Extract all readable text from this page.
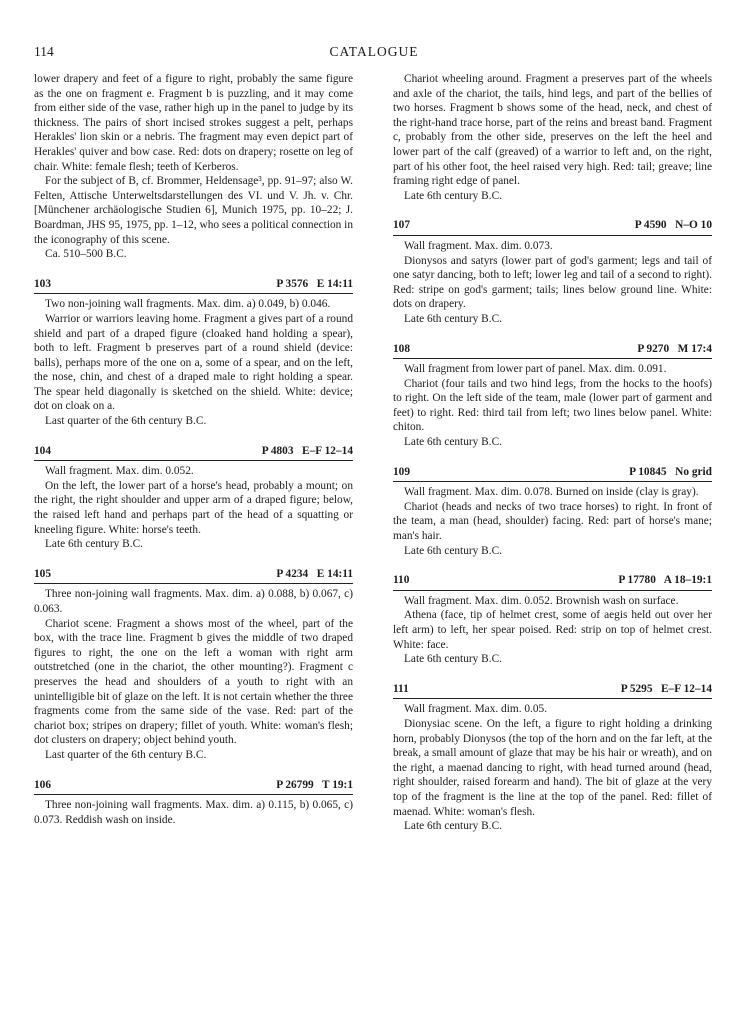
114	CATALOGUE

lower drapery and feet of a figure to right, probably the same figure as the one on fragment e. Fragment b is puzzling, and it may come from either side of the vase, rather high up in the panel to judge by its thickness. The pairs of short incised strokes suggest a pelt, perhaps Herakles' lion skin or a nebris. The fragment may even depict part of Herakles' quiver and bow case. Red: dots on drapery; rosette on leg of chair. White: female flesh; teeth of Kerberos.

For the subject of B, cf. Brommer, Heldensage³, pp. 91–97; also W. Felten, Attische Unterweltsdarstellungen des VI. und V. Jh. v. Chr. [Münchener archäologische Studien 6], Munich 1975, pp. 10–22; J. Boardman, JHS 95, 1975, pp. 1–12, who sees a political connection in the iconography of this scene.

Ca. 510–500 B.C.

103	P 3576 E 14:11

Two non-joining wall fragments. Max. dim. a) 0.049, b) 0.046.

Warrior or warriors leaving home. Fragment a gives part of a round shield and part of a draped figure (cloaked hand holding a spear), both to left. Fragment b preserves part of a round shield (device: balls), perhaps more of the one on a, some of a spear, and on the left, the nose, chin, and chest of a draped male to right holding a spear. The spear held diagonally is sketched on the shield. White: device; dot on cloak on a.

Last quarter of the 6th century B.C.

104	P 4803 E–F 12–14

Wall fragment. Max. dim. 0.052.

On the left, the lower part of a horse's head, probably a mount; on the right, the right shoulder and upper arm of a draped figure; below, the raised left hand and perhaps part of the head of a squatting or kneeling figure. White: horse's teeth.

Late 6th century B.C.

105	P 4234 E 14:11

Three non-joining wall fragments. Max. dim. a) 0.088, b) 0.067, c) 0.063.

Chariot scene. Fragment a shows most of the wheel, part of the box, with the trace line. Fragment b gives the middle of two draped figures to right, the one on the left a woman with right arm outstretched (one in the chariot, the other mounting?). Fragment c preserves the head and shoulders of a youth to right with an unintelligible bit of glaze on the left. It is not certain whether the three fragments come from the same side of the vase. Red: part of the chariot box; stripes on drapery; fillet of youth. White: woman's flesh; dot clusters on drapery; object behind youth.

Last quarter of the 6th century B.C.

106	P 26799 T 19:1

Three non-joining wall fragments. Max. dim. a) 0.115, b) 0.065, c) 0.073. Reddish wash on inside.

Chariot wheeling around. Fragment a preserves part of the wheels and axle of the chariot, the tails, hind legs, and part of the bellies of two horses. Fragment b shows some of the head, neck, and chest of the right-hand trace horse, part of the reins and breast band. Fragment c, probably from the other side, preserves on the left the heel and lower part of the calf (greaved) of a warrior to left and, on the right, part of his other foot, the heel raised very high. Red: tail; greave; line framing right edge of panel.

Late 6th century B.C.

107	P 4590 N–O 10

Wall fragment. Max. dim. 0.073.

Dionysos and satyrs (lower part of god's garment; legs and tail of one satyr dancing, both to left; lower leg and tail of a second to right). Red: stripe on god's garment; tails; lines below ground line. White: dots on drapery.

Late 6th century B.C.

108	P 9270 M 17:4

Wall fragment from lower part of panel. Max. dim. 0.091.

Chariot (four tails and two hind legs, from the hocks to the hoofs) to right. On the left side of the team, male (lower part of garment and feet) to right. Red: third tail from left; two lines below panel. White: chiton.

Late 6th century B.C.

109	P 10845 No grid

Wall fragment. Max. dim. 0.078. Burned on inside (clay is gray).

Chariot (heads and necks of two trace horses) to right. In front of the team, a man (head, shoulder) facing. Red: part of horse's mane; man's hair.

Late 6th century B.C.

110	P 17780 A 18–19:1

Wall fragment. Max. dim. 0.052. Brownish wash on surface.

Athena (face, tip of helmet crest, some of aegis held out over her left arm) to left, her spear poised. Red: strip on top of helmet crest. White: face.

Late 6th century B.C.

111	P 5295 E–F 12–14

Wall fragment. Max. dim. 0.05.

Dionysiac scene. On the left, a figure to right holding a drinking horn, probably Dionysos (the top of the horn and on the far left, at the break, a small amount of glaze that may be his hair or wreath), and on the right, a maenad dancing to right, with head turned around (head, right shoulder, raised forearm and hand). The bit of glaze at the very top of the fragment is the line at the top of the panel. Red: fillet of maenad. White: woman's flesh.

Late 6th century B.C.
